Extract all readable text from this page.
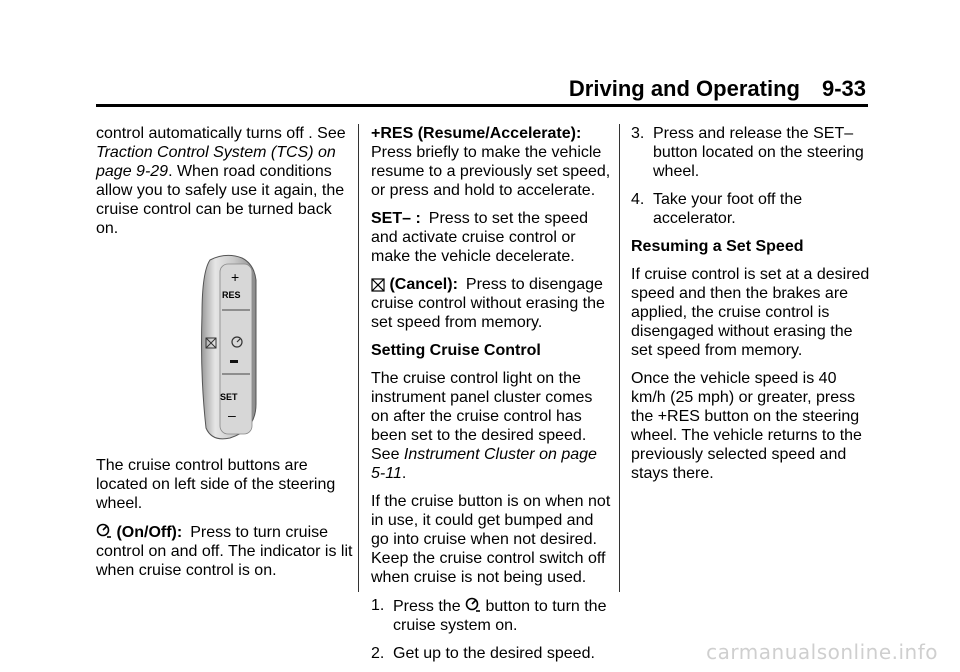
Driving and Operating 9-33

control automatically turns off . See Traction Control System (TCS) on page 9-29. When road conditions allow you to safely use it again, the cruise control can be turned back on.

+
RES
SET
–

The cruise control buttons are located on left side of the steering wheel.

(On/Off): Press to turn cruise control on and off. The indicator is lit when cruise control is on.

+RES (Resume/Accelerate):
Press briefly to make the vehicle resume to a previously set speed, or press and hold to accelerate.

SET– : Press to set the speed and activate cruise control or make the vehicle decelerate.

(Cancel): Press to disengage cruise control without erasing the set speed from memory.

Setting Cruise Control

The cruise control light on the instrument panel cluster comes on after the cruise control has been set to the desired speed. See Instrument Cluster on page 5-11.

If the cruise button is on when not in use, it could get bumped and go into cruise when not desired. Keep the cruise control switch off when cruise is not being used.

1. Press the button to turn the cruise system on.
2. Get up to the desired speed.
3. Press and release the SET– button located on the steering wheel.
4. Take your foot off the accelerator.

Resuming a Set Speed

If cruise control is set at a desired speed and then the brakes are applied, the cruise control is disengaged without erasing the set speed from memory.

Once the vehicle speed is 40 km/h (25 mph) or greater, press the +RES button on the steering wheel. The vehicle returns to the previously selected speed and stays there.

carmanualsonline.info
